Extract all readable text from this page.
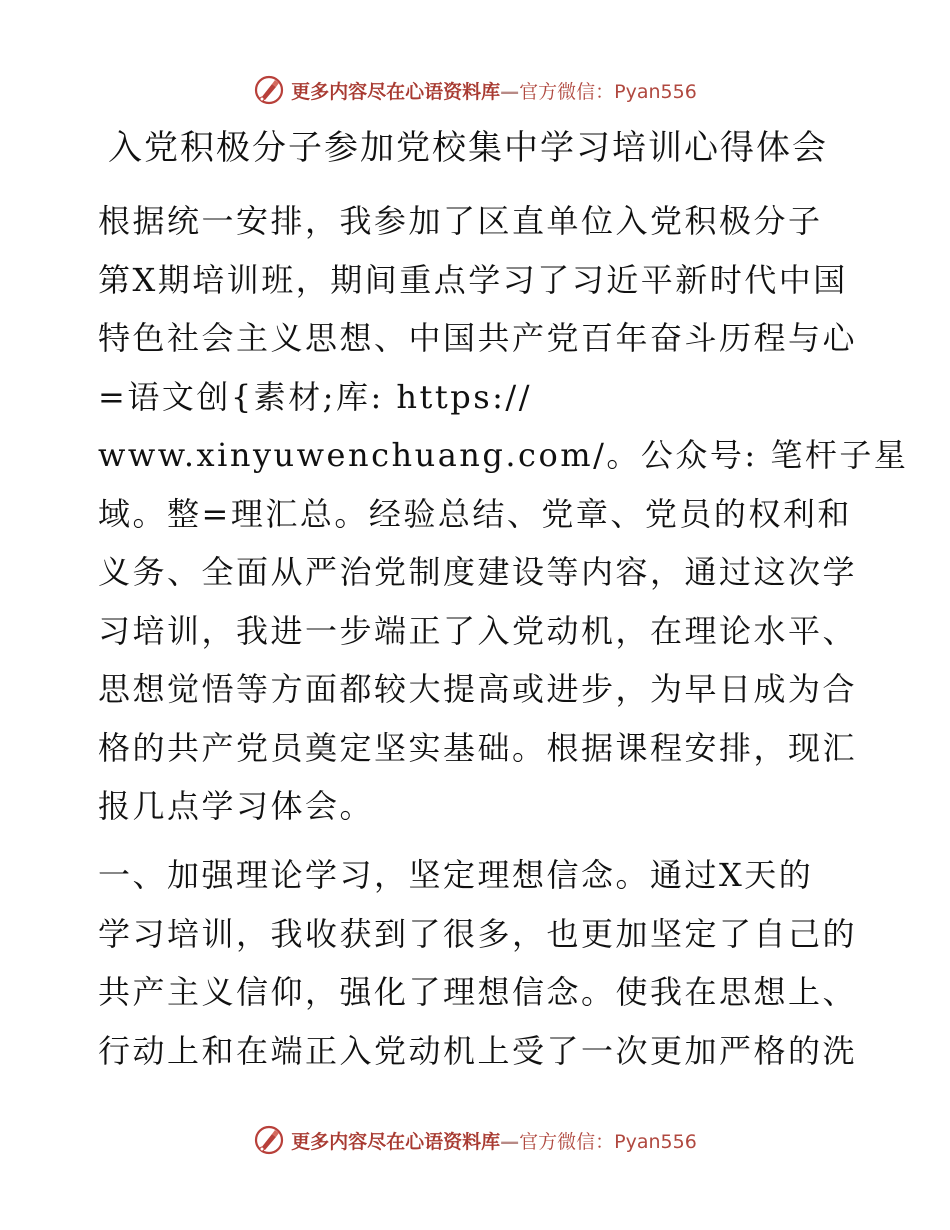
更多内容尽在心语资料库—官方微信：Pyan556
入党积极分子参加党校集中学习培训心得体会
根据统一安排，我参加了区直单位入党积极分子
第X期培训班，期间重点学习了习近平新时代中国
特色社会主义思想、中国共产党百年奋斗历程与心
=语文创{素材;库: https://
www.xinyuwenchuang.com/。公众号: 笔杆子星
域。整=理汇总。经验总结、党章、党员的权利和
义务、全面从严治党制度建设等内容，通过这次学
习培训，我进一步端正了入党动机，在理论水平、
思想觉悟等方面都较大提高或进步，为早日成为合
格的共产党员奠定坚实基础。根据课程安排，现汇
报几点学习体会。
一、加强理论学习，坚定理想信念。通过X天的
学习培训，我收获到了很多，也更加坚定了自己的
共产主义信仰，强化了理想信念。使我在思想上、
行动上和在端正入党动机上受了一次更加严格的洗
更多内容尽在心语资料库—官方微信：Pyan556
